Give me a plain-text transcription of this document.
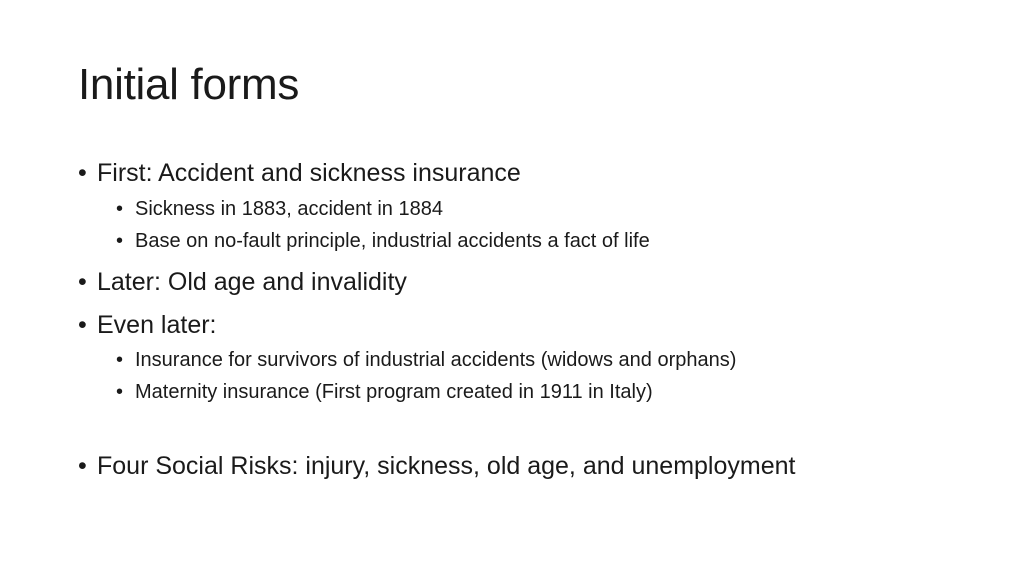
Initial forms
• First: Accident and sickness insurance
• Sickness in 1883, accident in 1884
• Base on no-fault principle, industrial accidents a fact of life
• Later: Old age and invalidity
• Even later:
• Insurance for survivors of industrial accidents (widows and orphans)
• Maternity insurance (First program created in 1911 in Italy)
• Four Social Risks: injury, sickness, old age, and unemployment
